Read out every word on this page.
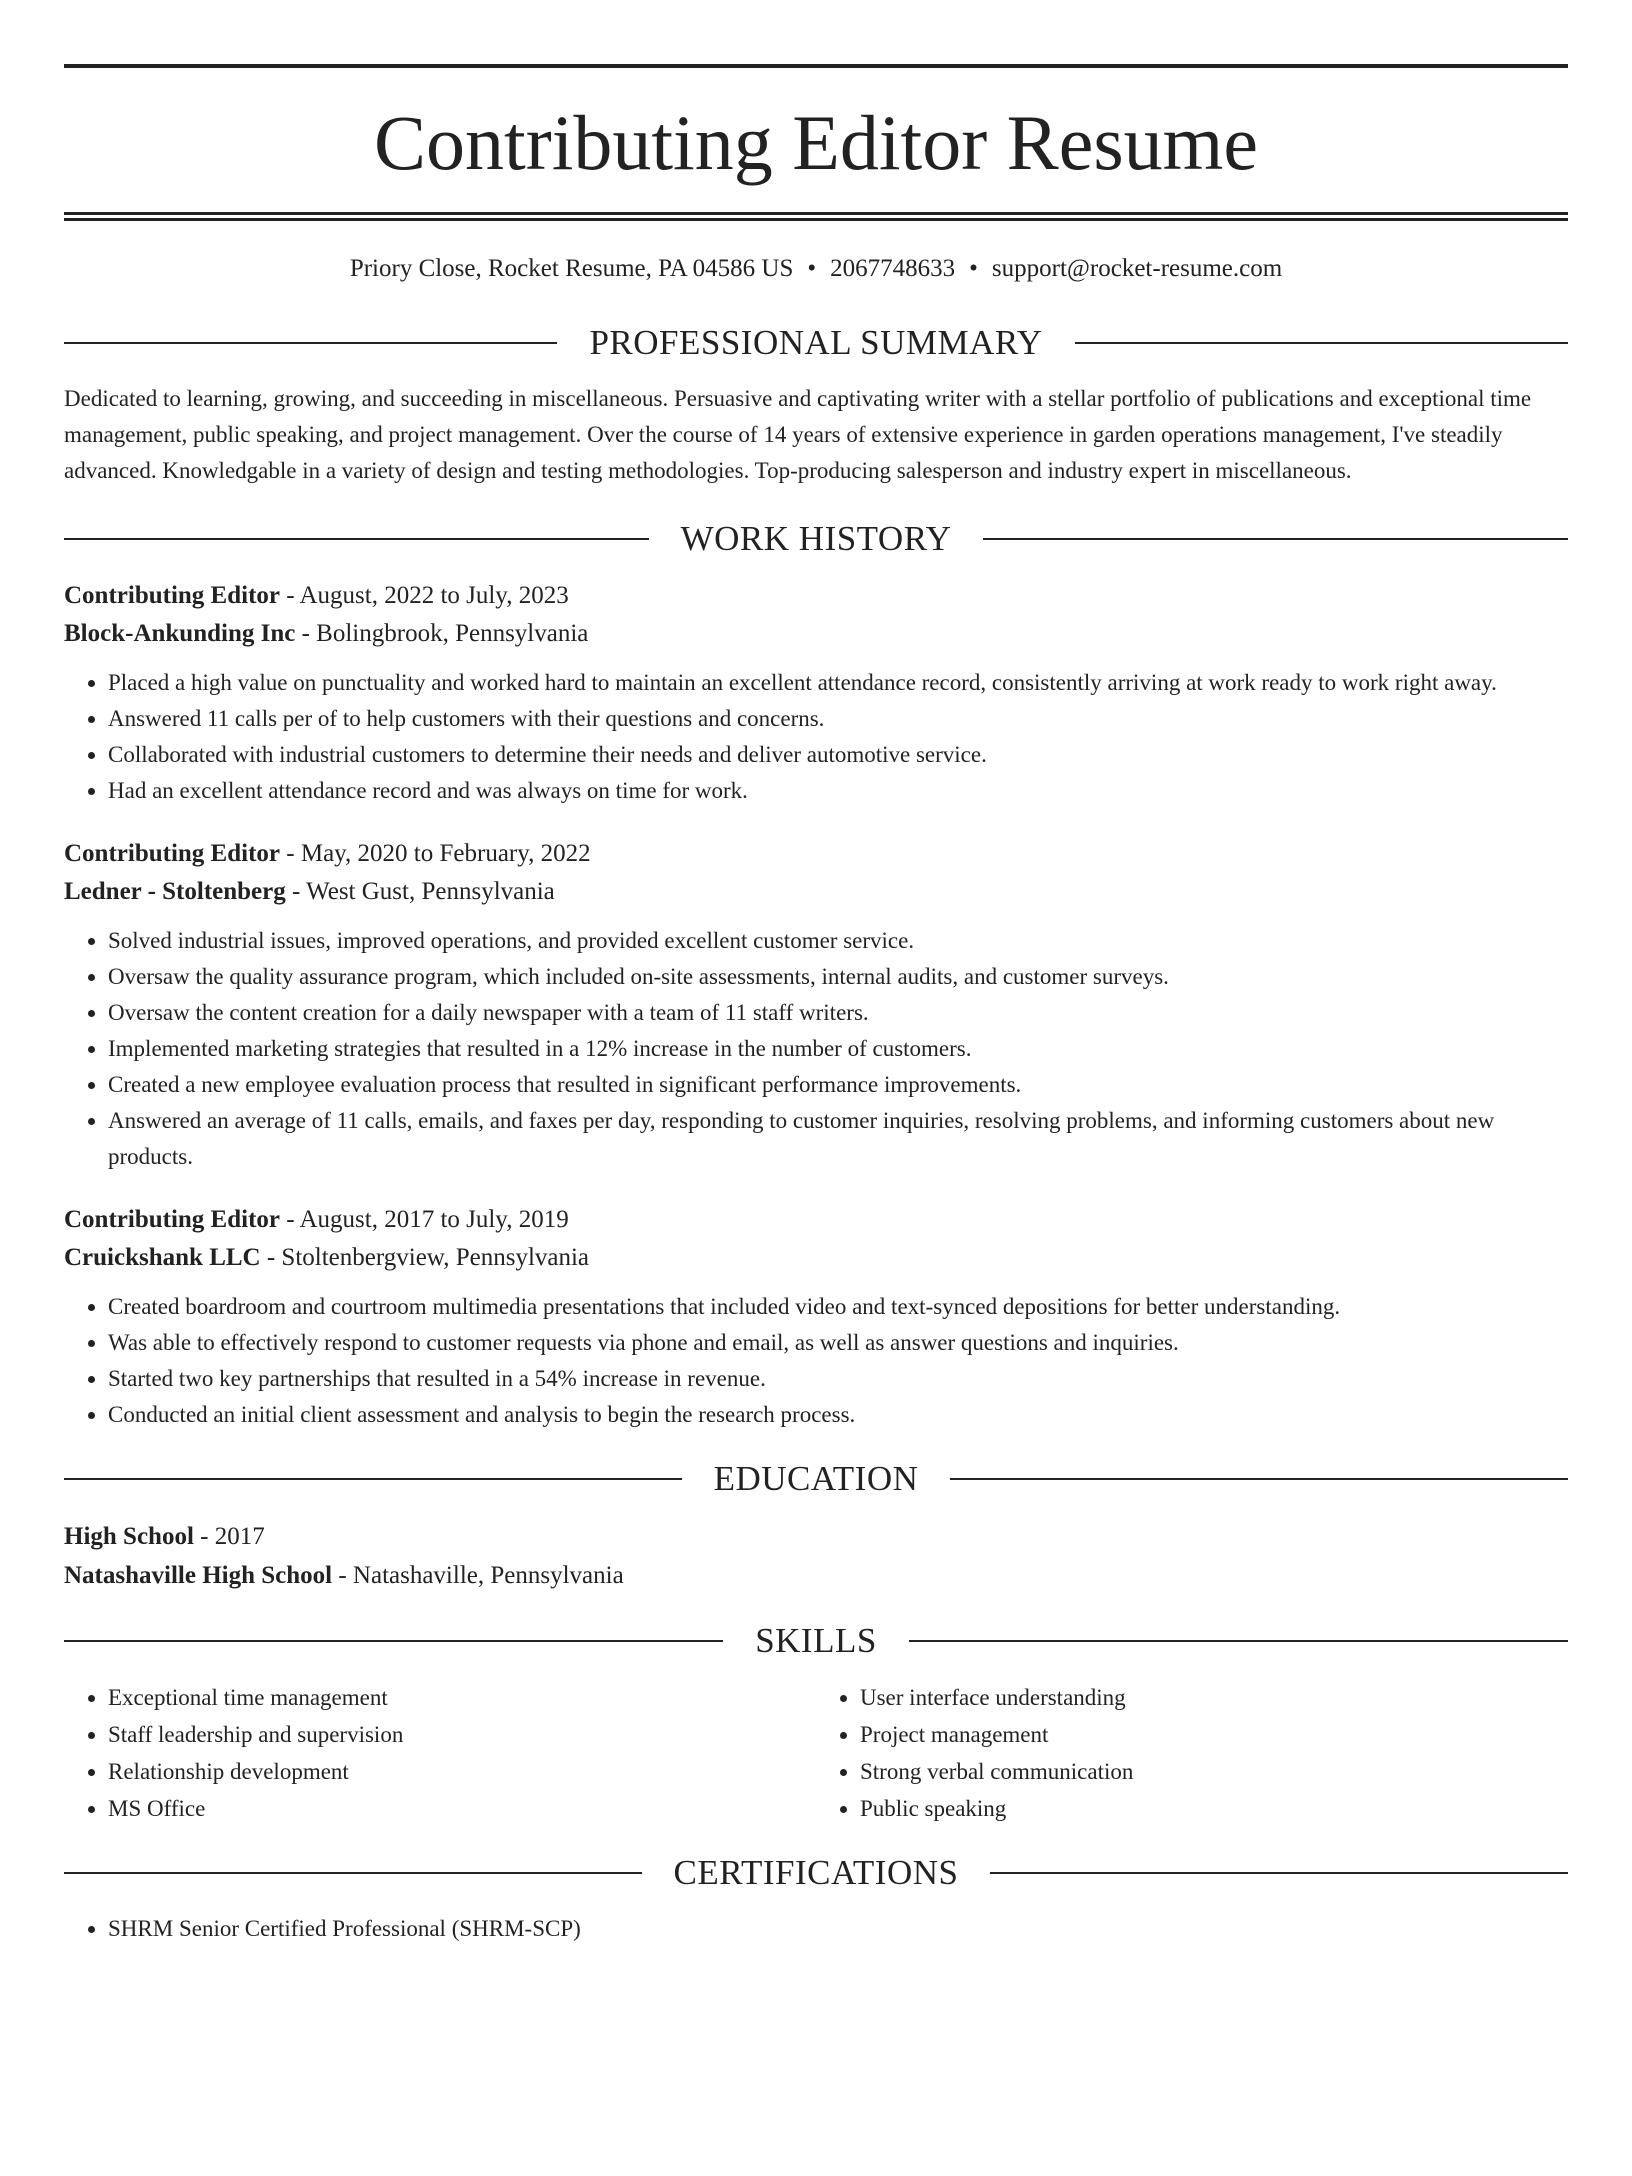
Contributing Editor Resume
Priory Close, Rocket Resume, PA 04586 US • 2067748633 • support@rocket-resume.com
PROFESSIONAL SUMMARY

Dedicated to learning, growing, and succeeding in miscellaneous. Persuasive and captivating writer with a stellar portfolio of publications and exceptional time management, public speaking, and project management. Over the course of 14 years of extensive experience in garden operations management, I've steadily advanced. Knowledgable in a variety of design and testing methodologies. Top-producing salesperson and industry expert in miscellaneous.

WORK HISTORY
Contributing Editor - August, 2022 to July, 2023
Block-Ankunding Inc - Bolingbrook, Pennsylvania
• Placed a high value on punctuality and worked hard to maintain an excellent attendance record, consistently arriving at work ready to work right away.
• Answered 11 calls per of to help customers with their questions and concerns.
• Collaborated with industrial customers to determine their needs and deliver automotive service.
• Had an excellent attendance record and was always on time for work.
Contributing Editor - May, 2020 to February, 2022
Ledner - Stoltenberg - West Gust, Pennsylvania
• Solved industrial issues, improved operations, and provided excellent customer service.
• Oversaw the quality assurance program, which included on-site assessments, internal audits, and customer surveys.
• Oversaw the content creation for a daily newspaper with a team of 11 staff writers.
• Implemented marketing strategies that resulted in a 12% increase in the number of customers.
• Created a new employee evaluation process that resulted in significant performance improvements.
• Answered an average of 11 calls, emails, and faxes per day, responding to customer inquiries, resolving problems, and informing customers about new products.
Contributing Editor - August, 2017 to July, 2019
Cruickshank LLC - Stoltenbergview, Pennsylvania
• Created boardroom and courtroom multimedia presentations that included video and text-synced depositions for better understanding.
• Was able to effectively respond to customer requests via phone and email, as well as answer questions and inquiries.
• Started two key partnerships that resulted in a 54% increase in revenue.
• Conducted an initial client assessment and analysis to begin the research process.
EDUCATION
High School - 2017
Natashaville High School - Natashaville, Pennsylvania
SKILLS
• Exceptional time management
• Staff leadership and supervision
• Relationship development
• MS Office
• User interface understanding
• Project management
• Strong verbal communication
• Public speaking
CERTIFICATIONS
• SHRM Senior Certified Professional (SHRM-SCP)
